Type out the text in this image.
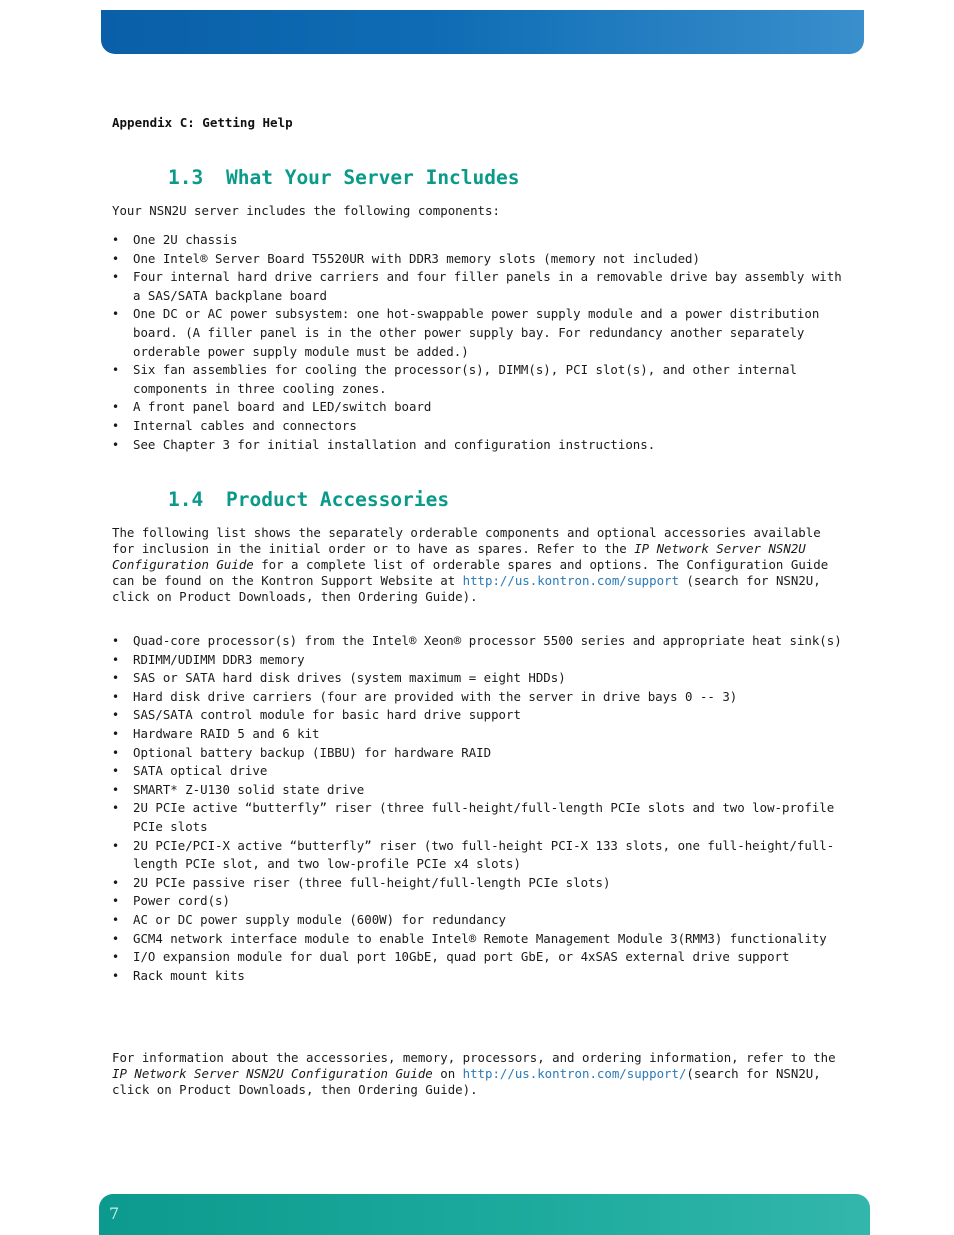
Appendix C: Getting Help
1.3 What Your Server Includes

Your NSN2U server includes the following components:

• One 2U chassis
• One Intel® Server Board T5520UR with DDR3 memory slots (memory not included)
• Four internal hard drive carriers and four filler panels in a removable drive bay assembly with a SAS/SATA backplane board
• One DC or AC power subsystem: one hot-swappable power supply module and a power distribution board. (A filler panel is in the other power supply bay. For redundancy another separately orderable power supply module must be added.)
• Six fan assemblies for cooling the processor(s), DIMM(s), PCI slot(s), and other internal components in three cooling zones.
• A front panel board and LED/switch board
• Internal cables and connectors
• See Chapter 3 for initial installation and configuration instructions.
1.4 Product Accessories

The following list shows the separately orderable components and optional accessories available for inclusion in the initial order or to have as spares. Refer to the IP Network Server NSN2U Configuration Guide for a complete list of orderable spares and options. The Configuration Guide can be found on the Kontron Support Website at http://us.kontron.com/support (search for NSN2U, click on Product Downloads, then Ordering Guide).

• Quad-core processor(s) from the Intel® Xeon® processor 5500 series and appropriate heat sink(s)
• RDIMM/UDIMM DDR3 memory
• SAS or SATA hard disk drives (system maximum = eight HDDs)
• Hard disk drive carriers (four are provided with the server in drive bays 0 -- 3)
• SAS/SATA control module for basic hard drive support
• Hardware RAID 5 and 6 kit
• Optional battery backup (IBBU) for hardware RAID
• SATA optical drive
• SMART* Z-U130 solid state drive
• 2U PCIe active “butterfly” riser (three full-height/full-length PCIe slots and two low-profile PCIe slots
• 2U PCIe/PCI-X active “butterfly” riser (two full-height PCI-X 133 slots, one full-height/full-length PCIe slot, and two low-profile PCIe x4 slots)
• 2U PCIe passive riser (three full-height/full-length PCIe slots)
• Power cord(s)
• AC or DC power supply module (600W) for redundancy
• GCM4 network interface module to enable Intel® Remote Management Module 3(RMM3) functionality
• I/O expansion module for dual port 10GbE, quad port GbE, or 4xSAS external drive support
• Rack mount kits

For information about the accessories, memory, processors, and ordering information, refer to the IP Network Server NSN2U Configuration Guide on http://us.kontron.com/support/(search for NSN2U, click on Product Downloads, then Ordering Guide).

7
